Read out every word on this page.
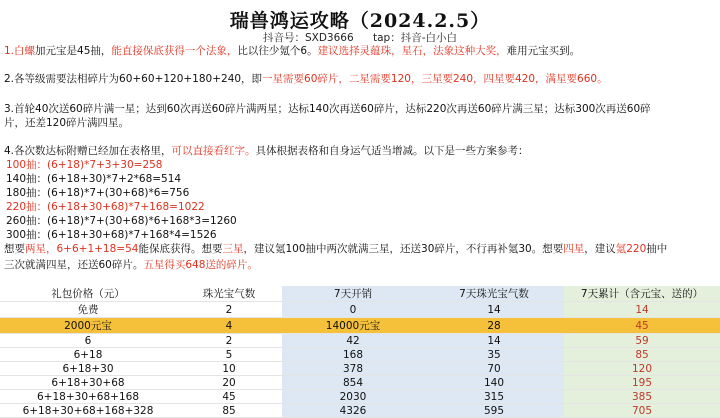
瑞兽鸿运攻略（2024.2.5）
抖音号：SXD3666 tap：抖音-白小白
1.白螺加元宝是45抽，能直接保底获得一个法象，比以往少氪个6。建议选择灵蕴珠，星石，法象这种大奖，难用元宝买到。
2.各等级需要法相碎片为60+60+120+180+240，即一星需要60碎片，二星需要120，三星要240，四星要420，满星要660。
3.首轮40次送60碎片满一星；达到60次再送60碎片满两星；达标140次再送60碎片，达标220次再送60碎片满三星；达标300次再送60碎
片，还差120碎片满四星。
4.各次数达标附赠已经加在表格里，可以直接看红字。具体根据表格和自身运气适当增减。以下是一些方案参考：
100抽：(6+18)*7+3+30=258
140抽：(6+18+30)*7+2*68=514
180抽：(6+18)*7+(30+68)*6=756
220抽：(6+18+30+68)*7+168=1022
260抽：(6+18)*7+(30+68)*6+168*3=1260
300抽：(6+18+30+68)*7+168*4=1526
想要两星，6+6+1+18=54能保底获得。想要三星，建议氪100抽中两次就满三星，还送30碎片，不行再补氪30。想要四星，建议氪220抽中
三次就满四星，还送60碎片。五星得买648送的碎片。
礼包价格（元）	珠光宝气数	7天开销	7天珠光宝气数	7天累计（含元宝、送的）
免费	2	0	14	14
2000元宝	4	14000元宝	28	45
6	2	42	14	59
6+18	5	168	35	85
6+18+30	10	378	70	120
6+18+30+68	20	854	140	195
6+18+30+68+168	45	2030	315	385
6+18+30+68+168+328	85	4326	595	705
